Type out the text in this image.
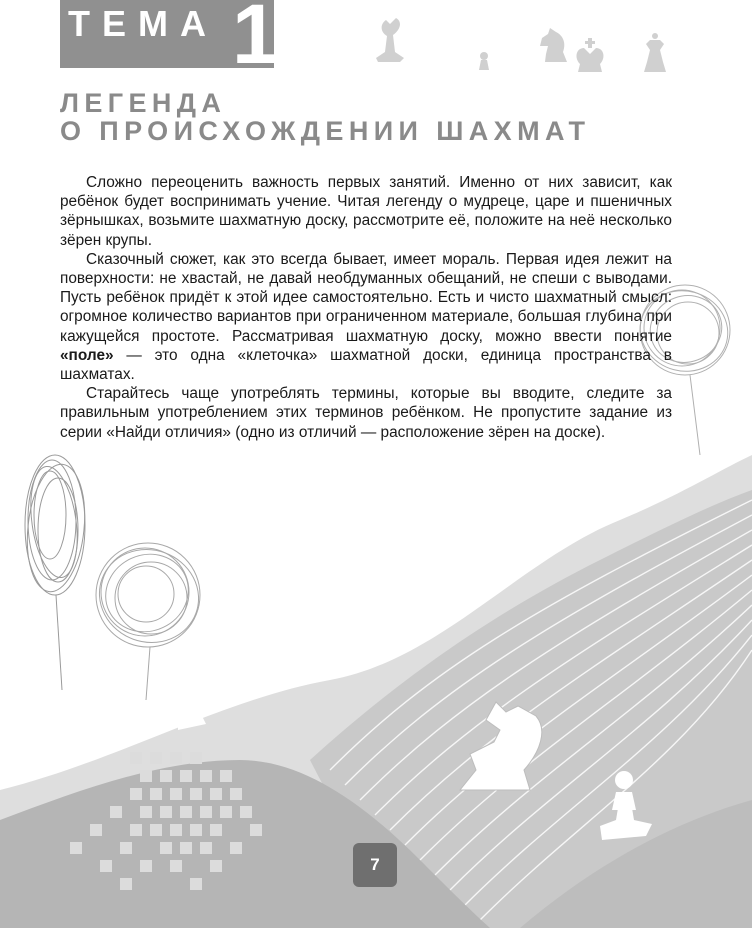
ТЕМА 1
ЛЕГЕНДА
О ПРОИСХОЖДЕНИИ ШАХМАТ

Сложно переоценить важность первых занятий. Именно от них зависит, как ребёнок будет воспринимать учение. Читая легенду о мудреце, царе и пшеничных зёрнышках, возьмите шахматную доску, рассмотрите её, положите на неё несколько зёрен крупы.

Сказочный сюжет, как это всегда бывает, имеет мораль. Первая идея лежит на поверхности: не хвастай, не давай необдуманных обещаний, не спеши с выводами. Пусть ребёнок придёт к этой идее самостоятельно. Есть и чисто шахматный смысл: огромное количество вариантов при ограниченном материале, большая глубина при кажущейся простоте. Рассматривая шахматную доску, можно ввести понятие «поле» — это одна «клеточка» шахматной доски, единица пространства в шахматах.

Старайтесь чаще употреблять термины, которые вы вводите, следите за правильным употреблением этих терминов ребёнком. Не пропустите задание из серии «Найди отличия» (одно из отличий — расположение зёрен на доске).

7
